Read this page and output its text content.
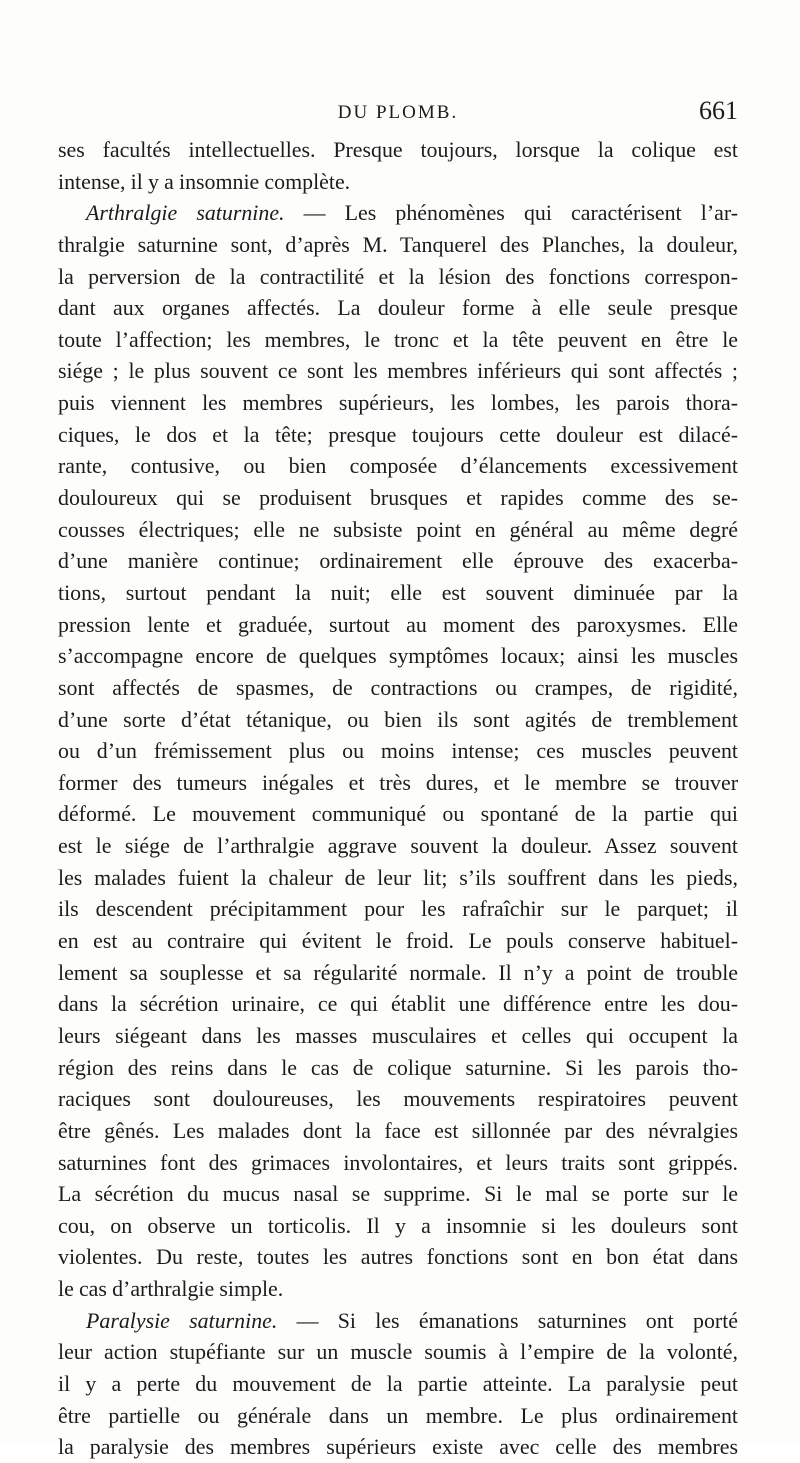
DU PLOMB.	661
ses facultés intellectuelles. Presque toujours, lorsque la colique est
intense, il y a insomnie complète.
Arthralgie saturnine. — Les phénomènes qui caractérisent l’ar-
thralgie saturnine sont, d’après M. Tanquerel des Planches, la douleur,
la perversion de la contractilité et la lésion des fonctions correspon-
dant aux organes affectés. La douleur forme à elle seule presque
toute l’affection; les membres, le tronc et la tête peuvent en être le
siége ; le plus souvent ce sont les membres inférieurs qui sont affectés ;
puis viennent les membres supérieurs, les lombes, les parois thora-
ciques, le dos et la tête; presque toujours cette douleur est dilacé-
rante, contusive, ou bien composée d’élancements excessivement
douloureux qui se produisent brusques et rapides comme des se-
cousses électriques; elle ne subsiste point en général au même degré
d’une manière continue; ordinairement elle éprouve des exacerba-
tions, surtout pendant la nuit; elle est souvent diminuée par la
pression lente et graduée, surtout au moment des paroxysmes. Elle
s’accompagne encore de quelques symptômes locaux; ainsi les muscles
sont affectés de spasmes, de contractions ou crampes, de rigidité,
d’une sorte d’état tétanique, ou bien ils sont agités de tremblement
ou d’un frémissement plus ou moins intense; ces muscles peuvent
former des tumeurs inégales et très dures, et le membre se trouver
déformé. Le mouvement communiqué ou spontané de la partie qui
est le siége de l’arthralgie aggrave souvent la douleur. Assez souvent
les malades fuient la chaleur de leur lit; s’ils souffrent dans les pieds,
ils descendent précipitamment pour les rafraîchir sur le parquet; il
en est au contraire qui évitent le froid. Le pouls conserve habituel-
lement sa souplesse et sa régularité normale. Il n’y a point de trouble
dans la sécrétion urinaire, ce qui établit une différence entre les dou-
leurs siégeant dans les masses musculaires et celles qui occupent la
région des reins dans le cas de colique saturnine. Si les parois tho-
raciques sont douloureuses, les mouvements respiratoires peuvent
être gênés. Les malades dont la face est sillonnée par des névralgies
saturnines font des grimaces involontaires, et leurs traits sont grippés.
La sécrétion du mucus nasal se supprime. Si le mal se porte sur le
cou, on observe un torticolis. Il y a insomnie si les douleurs sont
violentes. Du reste, toutes les autres fonctions sont en bon état dans
le cas d’arthralgie simple.
Paralysie saturnine. — Si les émanations saturnines ont porté
leur action stupéfiante sur un muscle soumis à l’empire de la volonté,
il y a perte du mouvement de la partie atteinte. La paralysie peut
être partielle ou générale dans un membre. Le plus ordinairement
la paralysie des membres supérieurs existe avec celle des membres
